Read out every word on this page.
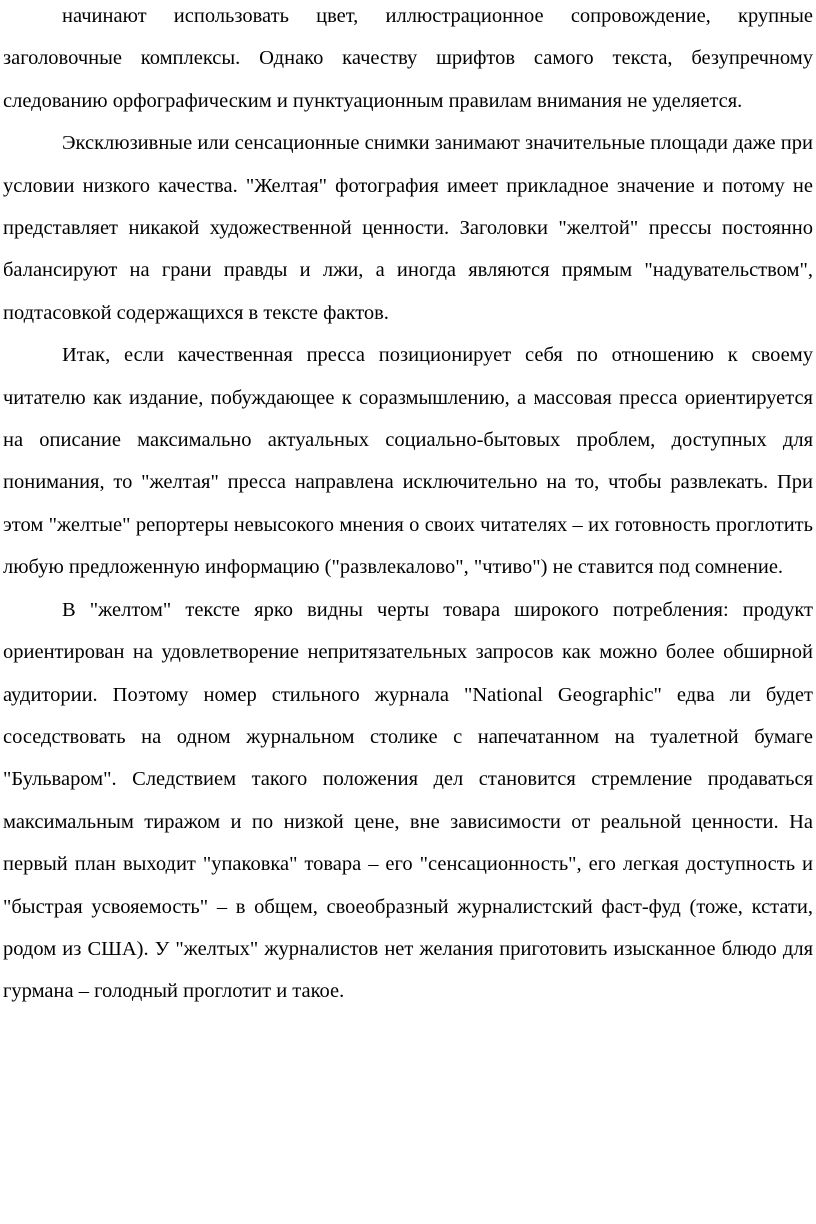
начинают использовать цвет, иллюстрационное сопровождение, крупные заголовочные комплексы. Однако качеству шрифтов самого текста, безупречному следованию орфографическим и пунктуационным правилам внимания не уделяется.

Эксклюзивные или сенсационные снимки занимают значительные площади даже при условии низкого качества. "Желтая" фотография имеет прикладное значение и потому не представляет никакой художественной ценности. Заголовки "желтой" прессы постоянно балансируют на грани правды и лжи, а иногда являются прямым "надувательством", подтасовкой содержащихся в тексте фактов.

Итак, если качественная пресса позиционирует себя по отношению к своему читателю как издание, побуждающее к соразмышлению, а массовая пресса ориентируется на описание максимально актуальных социально-бытовых проблем, доступных для понимания, то "желтая" пресса направлена исключительно на то, чтобы развлекать. При этом "желтые" репортеры невысокого мнения о своих читателях – их готовность проглотить любую предложенную информацию ("развлекалово", "чтиво") не ставится под сомнение.

В "желтом" тексте ярко видны черты товара широкого потребления: продукт ориентирован на удовлетворение непритязательных запросов как можно более обширной аудитории. Поэтому номер стильного журнала "National Geographic" едва ли будет соседствовать на одном журнальном столике с напечатанном на туалетной бумаге "Бульваром". Следствием такого положения дел становится стремление продаваться максимальным тиражом и по низкой цене, вне зависимости от реальной ценности. На первый план выходит "упаковка" товара – его "сенсационность", его легкая доступность и "быстрая усвояемость" – в общем, своеобразный журналистский фаст-фуд (тоже, кстати, родом из США). У "желтых" журналистов нет желания приготовить изысканное блюдо для гурмана – голодный проглотит и такое.
